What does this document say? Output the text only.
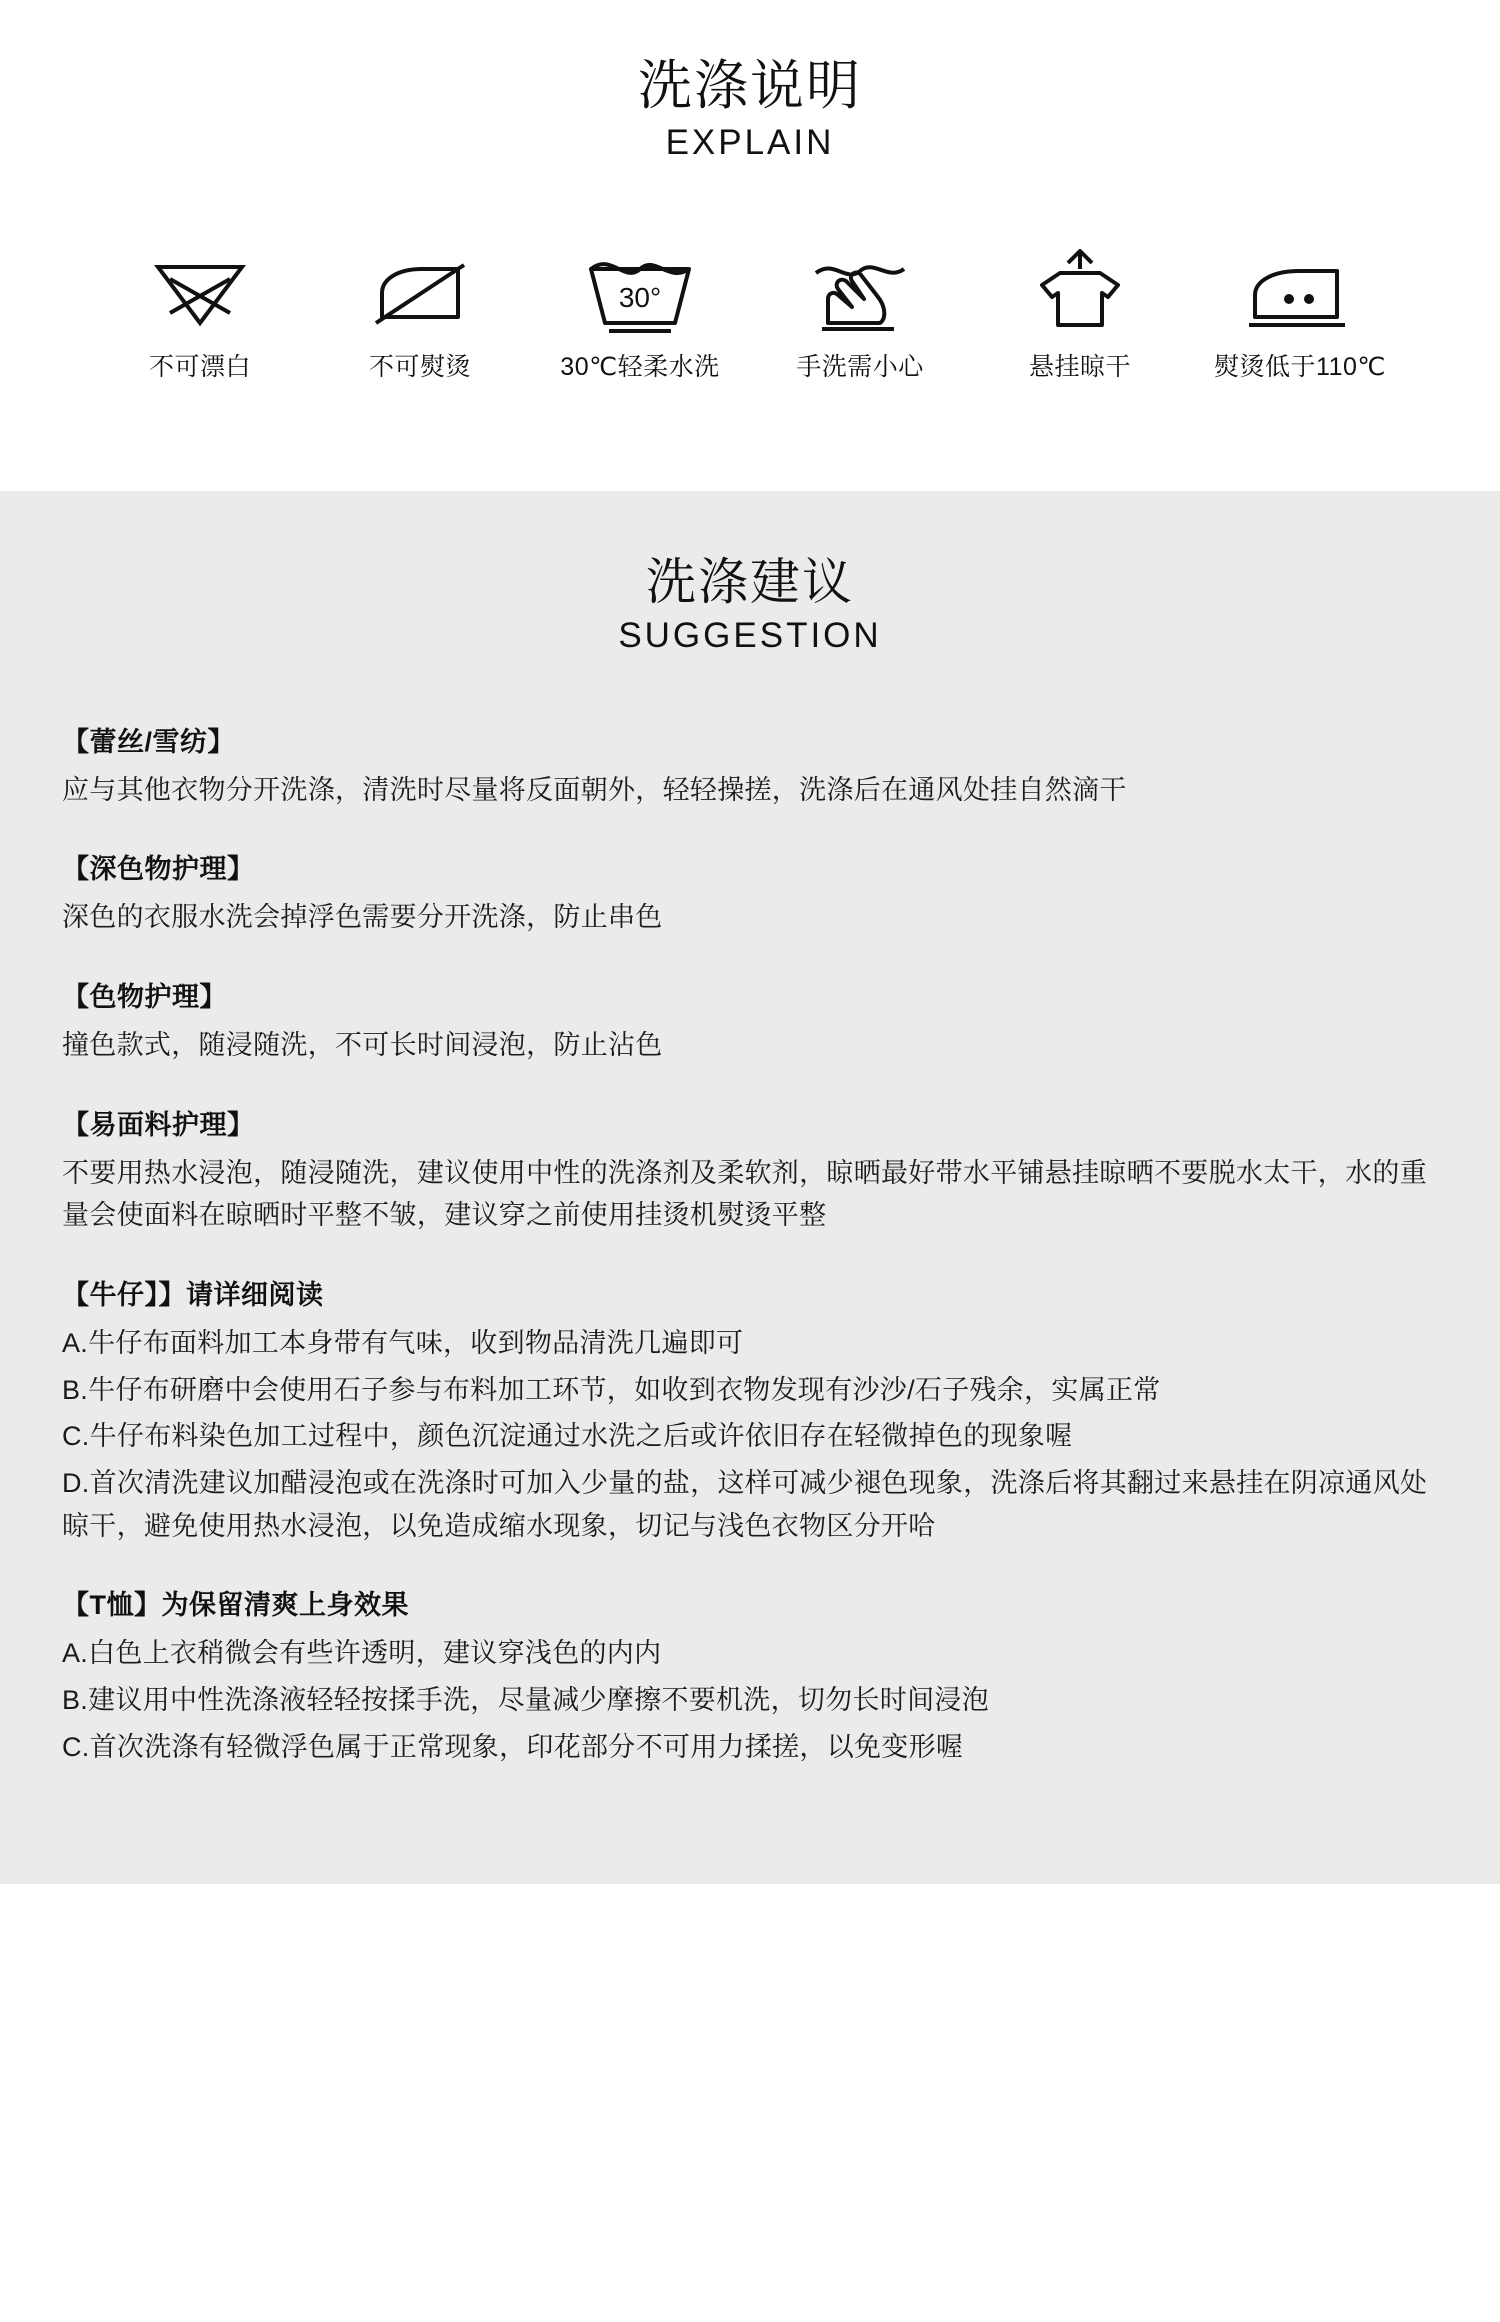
洗涤说明
EXPLAIN
不可漂白	不可熨烫
30°
30℃轻柔水洗	手洗需小心	悬挂晾干	熨烫低于110℃
洗涤建议
SUGGESTION
【蕾丝/雪纺】

应与其他衣物分开洗涤，清洗时尽量将反面朝外，轻轻操搓，洗涤后在通风处挂自然滴干

【深色物护理】

深色的衣服水洗会掉浮色需要分开洗涤，防止串色

【色物护理】

撞色款式，随浸随洗，不可长时间浸泡，防止沾色

【易面料护理】

不要用热水浸泡，随浸随洗，建议使用中性的洗涤剂及柔软剂，晾晒最好带水平铺悬挂晾晒不要脱水太干，水的重量会使面料在晾晒时平整不皱，建议穿之前使用挂烫机熨烫平整

【牛仔】】请详细阅读

A.牛仔布面料加工本身带有气味，收到物品清洗几遍即可

B.牛仔布研磨中会使用石子参与布料加工环节，如收到衣物发现有沙沙/石子残余，实属正常

C.牛仔布料染色加工过程中，颜色沉淀通过水洗之后或许依旧存在轻微掉色的现象喔

D.首次清洗建议加醋浸泡或在洗涤时可加入少量的盐，这样可减少褪色现象，洗涤后将其翻过来悬挂在阴凉通风处晾干，避免使用热水浸泡，以免造成缩水现象，切记与浅色衣物区分开哈

【T恤】为保留清爽上身效果

A.白色上衣稍微会有些许透明，建议穿浅色的内内

B.建议用中性洗涤液轻轻按揉手洗，尽量减少摩擦不要机洗，切勿长时间浸泡

C.首次洗涤有轻微浮色属于正常现象，印花部分不可用力揉搓，以免变形喔
